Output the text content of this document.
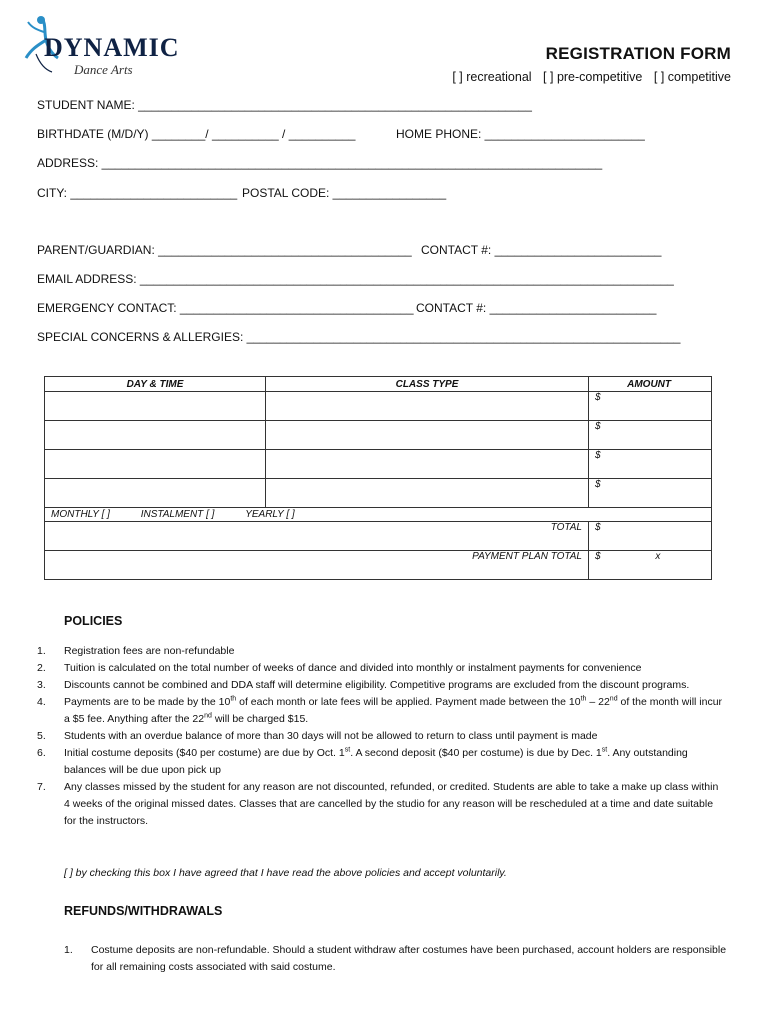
DYNAMIC
Dance Arts
REGISTRATION FORM
[ ] recreational [ ] pre-competitive [ ] competitive
STUDENT NAME: ___________________________________________________________
BIRTHDATE (M/D/Y) ________/ __________ / __________	HOME PHONE: ________________________
ADDRESS: ___________________________________________________________________________
CITY: _________________________ POSTAL CODE: _________________
PARENT/GUARDIAN: ______________________________________ CONTACT #: _________________________
EMAIL ADDRESS: ________________________________________________________________________________
EMERGENCY CONTACT: ___________________________________ CONTACT #: _________________________
SPECIAL CONCERNS & ALLERGIES: _________________________________________________________________
DAY & TIME	CLASS TYPE	AMOUNT
		$
		$
		$
		$
MONTHLY [ ] INSTALMENT [ ] YEARLY [ ]		
TOTAL		$
PAYMENT PLAN TOTAL		$ x
POLICIES
1. Registration fees are non-refundable
2. Tuition is calculated on the total number of weeks of dance and divided into monthly or instalment payments for convenience
3. Discounts cannot be combined and DDA staff will determine eligibility. Competitive programs are excluded from the discount programs.
4. Payments are to be made by the 10th of each month or late fees will be applied. Payment made between the 10th – 22nd of the month will incur a $5 fee. Anything after the 22nd will be charged $15.
5. Students with an overdue balance of more than 30 days will not be allowed to return to class until payment is made
6. Initial costume deposits ($40 per costume) are due by Oct. 1st. A second deposit ($40 per costume) is due by Dec. 1st. Any outstanding balances will be due upon pick up
7. Any classes missed by the student for any reason are not discounted, refunded, or credited. Students are able to take a make up class within 4 weeks of the original missed dates. Classes that are cancelled by the studio for any reason will be rescheduled at a time and date suitable for the instructors.
[ ] by checking this box I have agreed that I have read the above policies and accept voluntarily.
REFUNDS/WITHDRAWALS
1. Costume deposits are non-refundable. Should a student withdraw after costumes have been purchased, account holders are responsible for all remaining costs associated with said costume.
